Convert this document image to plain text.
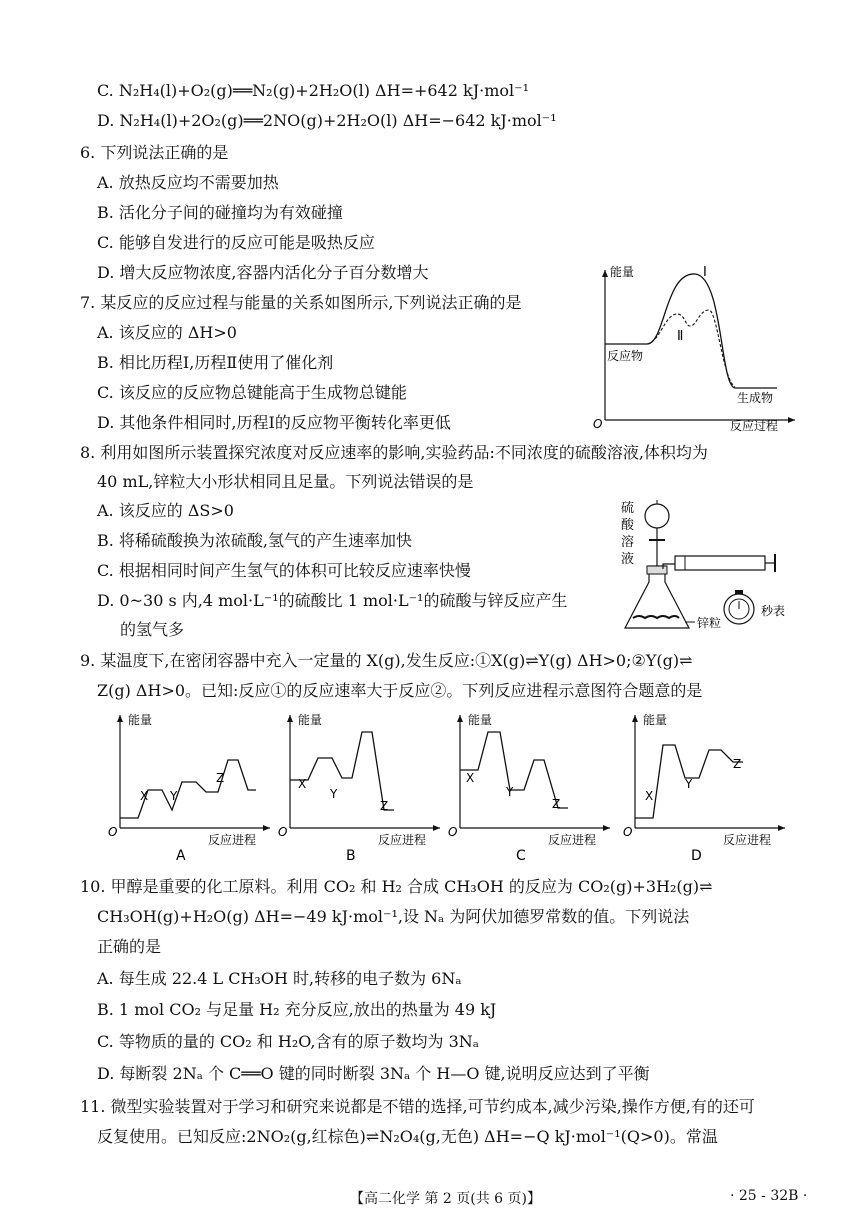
C. N₂H₄(l)+O₂(g)══N₂(g)+2H₂O(l) ΔH=+642 kJ·mol⁻¹
D. N₂H₄(l)+2O₂(g)══2NO(g)+2H₂O(l) ΔH=−642 kJ·mol⁻¹
6. 下列说法正确的是
A. 放热反应均不需要加热
B. 活化分子间的碰撞均为有效碰撞
C. 能够自发进行的反应可能是吸热反应
D. 增大反应物浓度,容器内活化分子百分数增大
7. 某反应的反应过程与能量的关系如图所示,下列说法正确的是
A. 该反应的 ΔH>0
B. 相比历程Ⅰ,历程Ⅱ使用了催化剂
C. 该反应的反应物总键能高于生成物总键能
D. 其他条件相同时,历程Ⅰ的反应物平衡转化率更低
能量
O	反应过程
Ⅰ
Ⅱ
反应物
生成物
8. 利用如图所示装置探究浓度对反应速率的影响,实验药品:不同浓度的硫酸溶液,体积均为
40 mL,锌粒大小形状相同且足量。下列说法错误的是
A. 该反应的 ΔS>0
B. 将稀硫酸换为浓硫酸,氢气的产生速率加快
C. 根据相同时间产生氢气的体积可比较反应速率快慢
D. 0~30 s 内,4 mol·L⁻¹的硫酸比 1 mol·L⁻¹的硫酸与锌反应产生
的氢气多
硫酸溶液
锌粒
秒表
9. 某温度下,在密闭容器中充入一定量的 X(g),发生反应:①X(g)⇌Y(g) ΔH>0;②Y(g)⇌
Z(g) ΔH>0。已知:反应①的反应速率大于反应②。下列反应进程示意图符合题意的是
能量
O
反应进程
X Y
Z
A
能量
O
反应进程
X
Y
Z
B
能量
O
反应进程
X
Y
Z
C
能量
O
反应进程
X
Y
Z
D
10. 甲醇是重要的化工原料。利用 CO₂ 和 H₂ 合成 CH₃OH 的反应为 CO₂(g)+3H₂(g)⇌
CH₃OH(g)+H₂O(g) ΔH=−49 kJ·mol⁻¹,设 Nₐ 为阿伏加德罗常数的值。下列说法
正确的是
A. 每生成 22.4 L CH₃OH 时,转移的电子数为 6Nₐ
B. 1 mol CO₂ 与足量 H₂ 充分反应,放出的热量为 49 kJ
C. 等物质的量的 CO₂ 和 H₂O,含有的原子数均为 3Nₐ
D. 每断裂 2Nₐ 个 C══O 键的同时断裂 3Nₐ 个 H—O 键,说明反应达到了平衡
11. 微型实验装置对于学习和研究来说都是不错的选择,可节约成本,减少污染,操作方便,有的还可
反复使用。已知反应:2NO₂(g,红棕色)⇌N₂O₄(g,无色) ΔH=−Q kJ·mol⁻¹(Q>0)。常温
【高二化学 第 2 页(共 6 页)】	· 25 - 32B ·
